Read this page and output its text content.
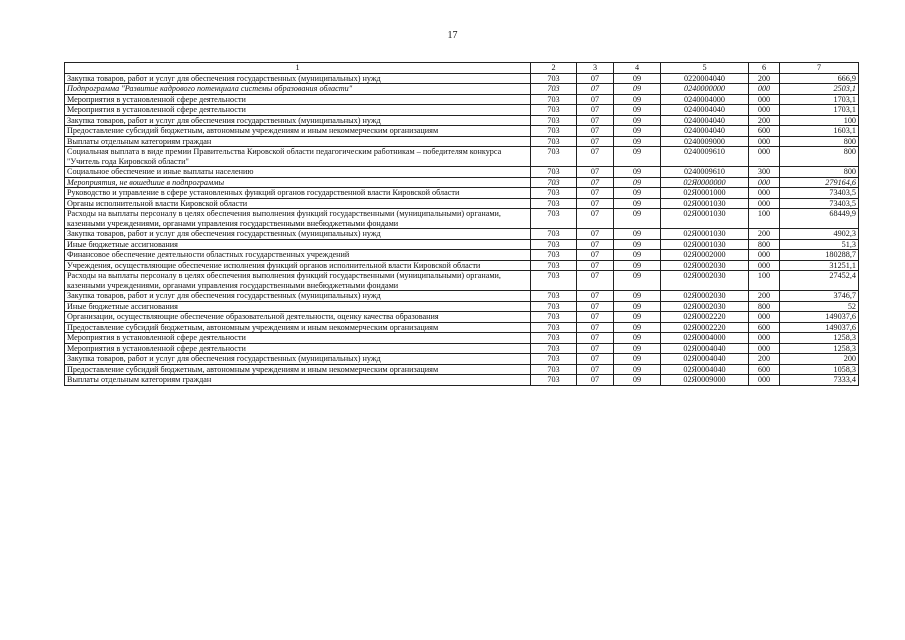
17
1	2	3	4	5	6	7
Закупка товаров, работ и услуг для обеспечения государственных (муниципальных) нужд	703	07	09	0220004040	200	666,9
Подпрограмма "Развитие кадрового потенциала системы образования области"	703	07	09	0240000000	000	2503,1
Мероприятия в установленной сфере деятельности	703	07	09	0240004000	000	1703,1
Мероприятия в установленной сфере деятельности	703	07	09	0240004040	000	1703,1
Закупка товаров, работ и услуг для обеспечения государственных (муниципальных) нужд	703	07	09	0240004040	200	100
Предоставление субсидий бюджетным, автономным учреждениям и иным некоммерческим организациям	703	07	09	0240004040	600	1603,1
Выплаты отдельным категориям граждан	703	07	09	0240009000	000	800
Социальная выплата в виде премии Правительства Кировской области педагогическим работникам – победителям конкурса "Учитель года Кировской области"	703	07	09	0240009610	000	800
Социальное обеспечение и иные выплаты населению	703	07	09	0240009610	300	800
Мероприятия, не вошедшие в подпрограммы	703	07	09	02Я0000000	000	279164,6
Руководство и управление в сфере установленных функций органов государственной власти Кировской области	703	07	09	02Я0001000	000	73403,5
Органы исполнительной власти Кировской области	703	07	09	02Я0001030	000	73403,5
Расходы на выплаты персоналу в целях обеспечения выполнения функций государственными (муниципальными) органами, казенными учреждениями, органами управления государственными внебюджетными фондами	703	07	09	02Я0001030	100	68449,9
Закупка товаров, работ и услуг для обеспечения государственных (муниципальных) нужд	703	07	09	02Я0001030	200	4902,3
Иные бюджетные ассигнования	703	07	09	02Я0001030	800	51,3
Финансовое обеспечение деятельности областных государственных учреждений	703	07	09	02Я0002000	000	180288,7
Учреждения, осуществляющие обеспечение исполнения функций органов исполнительной власти Кировской области	703	07	09	02Я0002030	000	31251,1
Расходы на выплаты персоналу в целях обеспечения выполнения функций государственными (муниципальными) органами, казенными учреждениями, органами управления государственными внебюджетными фондами	703	07	09	02Я0002030	100	27452,4
Закупка товаров, работ и услуг для обеспечения государственных (муниципальных) нужд	703	07	09	02Я0002030	200	3746,7
Иные бюджетные ассигнования	703	07	09	02Я0002030	800	52
Организации, осуществляющие обеспечение образовательной деятельности, оценку качества образования	703	07	09	02Я0002220	000	149037,6
Предоставление субсидий бюджетным, автономным учреждениям и иным некоммерческим организациям	703	07	09	02Я0002220	600	149037,6
Мероприятия в установленной сфере деятельности	703	07	09	02Я0004000	000	1258,3
Мероприятия в установленной сфере деятельности	703	07	09	02Я0004040	000	1258,3
Закупка товаров, работ и услуг для обеспечения государственных (муниципальных) нужд	703	07	09	02Я0004040	200	200
Предоставление субсидий бюджетным, автономным учреждениям и иным некоммерческим организациям	703	07	09	02Я0004040	600	1058,3
Выплаты отдельным категориям граждан	703	07	09	02Я0009000	000	7333,4
